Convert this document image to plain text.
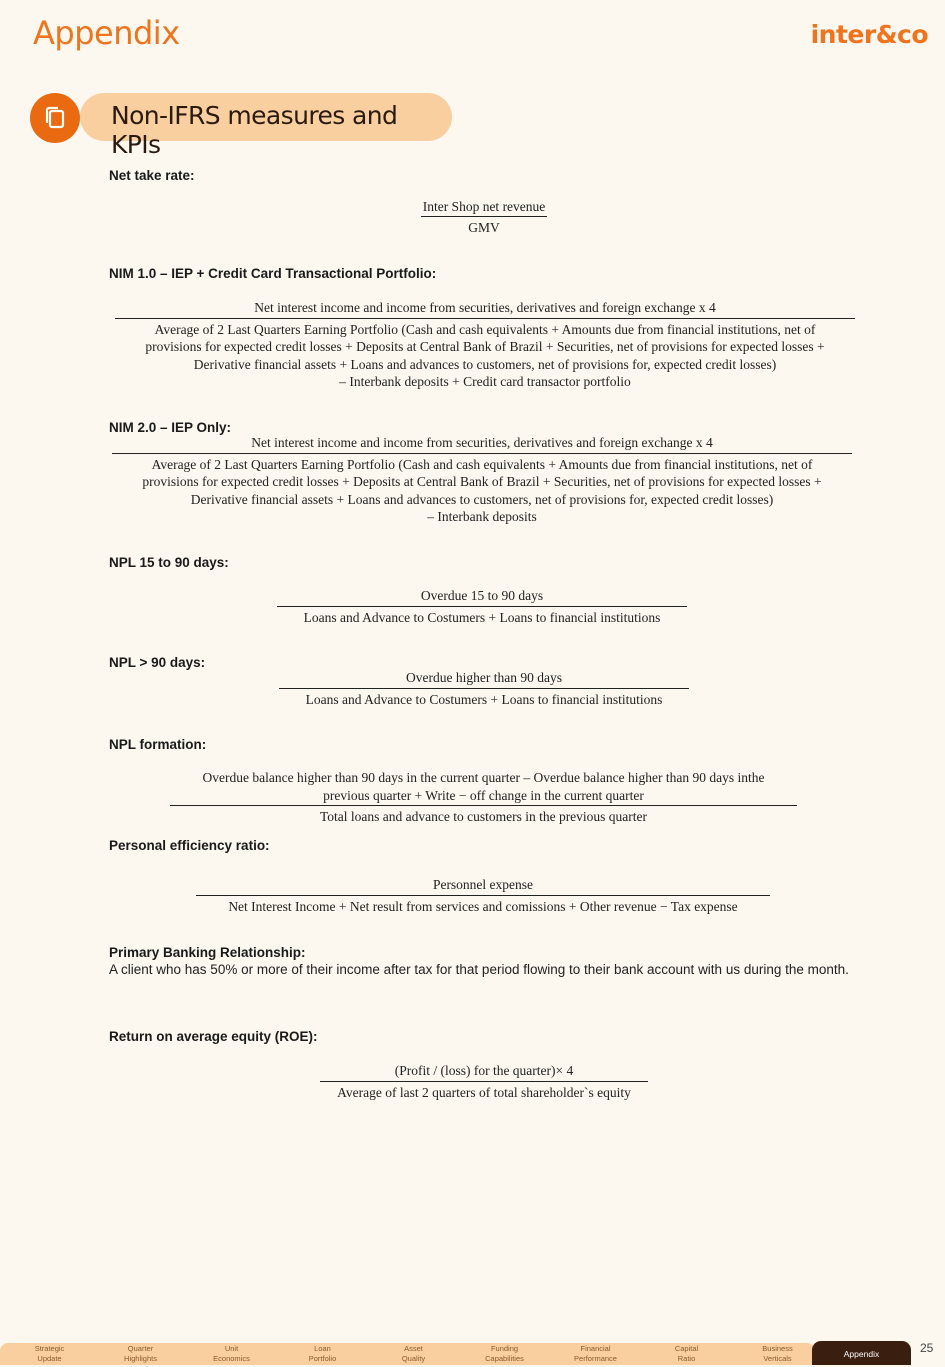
Appendix	inter&co
Non-IFRS measures and KPIs
Net take rate:
Inter Shop net revenue
GMV
NIM 1.0 – IEP + Credit Card Transactional Portfolio:
Net interest income and income from securities, derivatives and foreign exchange x 4
Average of 2 Last Quarters Earning Portfolio (Cash and cash equivalents + Amounts due from financial institutions, net of
provisions for expected credit losses + Deposits at Central Bank of Brazil + Securities, net of provisions for expected losses +
Derivative financial assets + Loans and advances to customers, net of provisions for, expected credit losses)
– Interbank deposits + Credit card transactor portfolio
NIM 2.0 – IEP Only:
Net interest income and income from securities, derivatives and foreign exchange x 4
Average of 2 Last Quarters Earning Portfolio (Cash and cash equivalents + Amounts due from financial institutions, net of
provisions for expected credit losses + Deposits at Central Bank of Brazil + Securities, net of provisions for expected losses +
Derivative financial assets + Loans and advances to customers, net of provisions for, expected credit losses)
– Interbank deposits
NPL 15 to 90 days:
Overdue 15 to 90 days
Loans and Advance to Costumers + Loans to financial institutions
NPL > 90 days:
Overdue higher than 90 days
Loans and Advance to Costumers + Loans to financial institutions
NPL formation:
Overdue balance higher than 90 days in the current quarter – Overdue balance higher than 90 days inthe
previous quarter + Write − off change in the current quarter
Total loans and advance to customers in the previous quarter
Personal efficiency ratio:
Personnel expense
Net Interest Income + Net result from services and comissions + Other revenue − Tax expense
Primary Banking Relationship:
A client who has 50% or more of their income after tax for that period flowing to their bank account with us during the month.
Return on average equity (ROE):
(Profit / (loss) for the quarter)× 4
Average of last 2 quarters of total shareholder`s equity
Strategic
Update
Quarter
Highlights
Unit
Economics
Loan
Portfolio
Asset
Quality
Funding
Capabilities
Financial
Performance
Capital
Ratio
Business
Verticals	Appendix	25
